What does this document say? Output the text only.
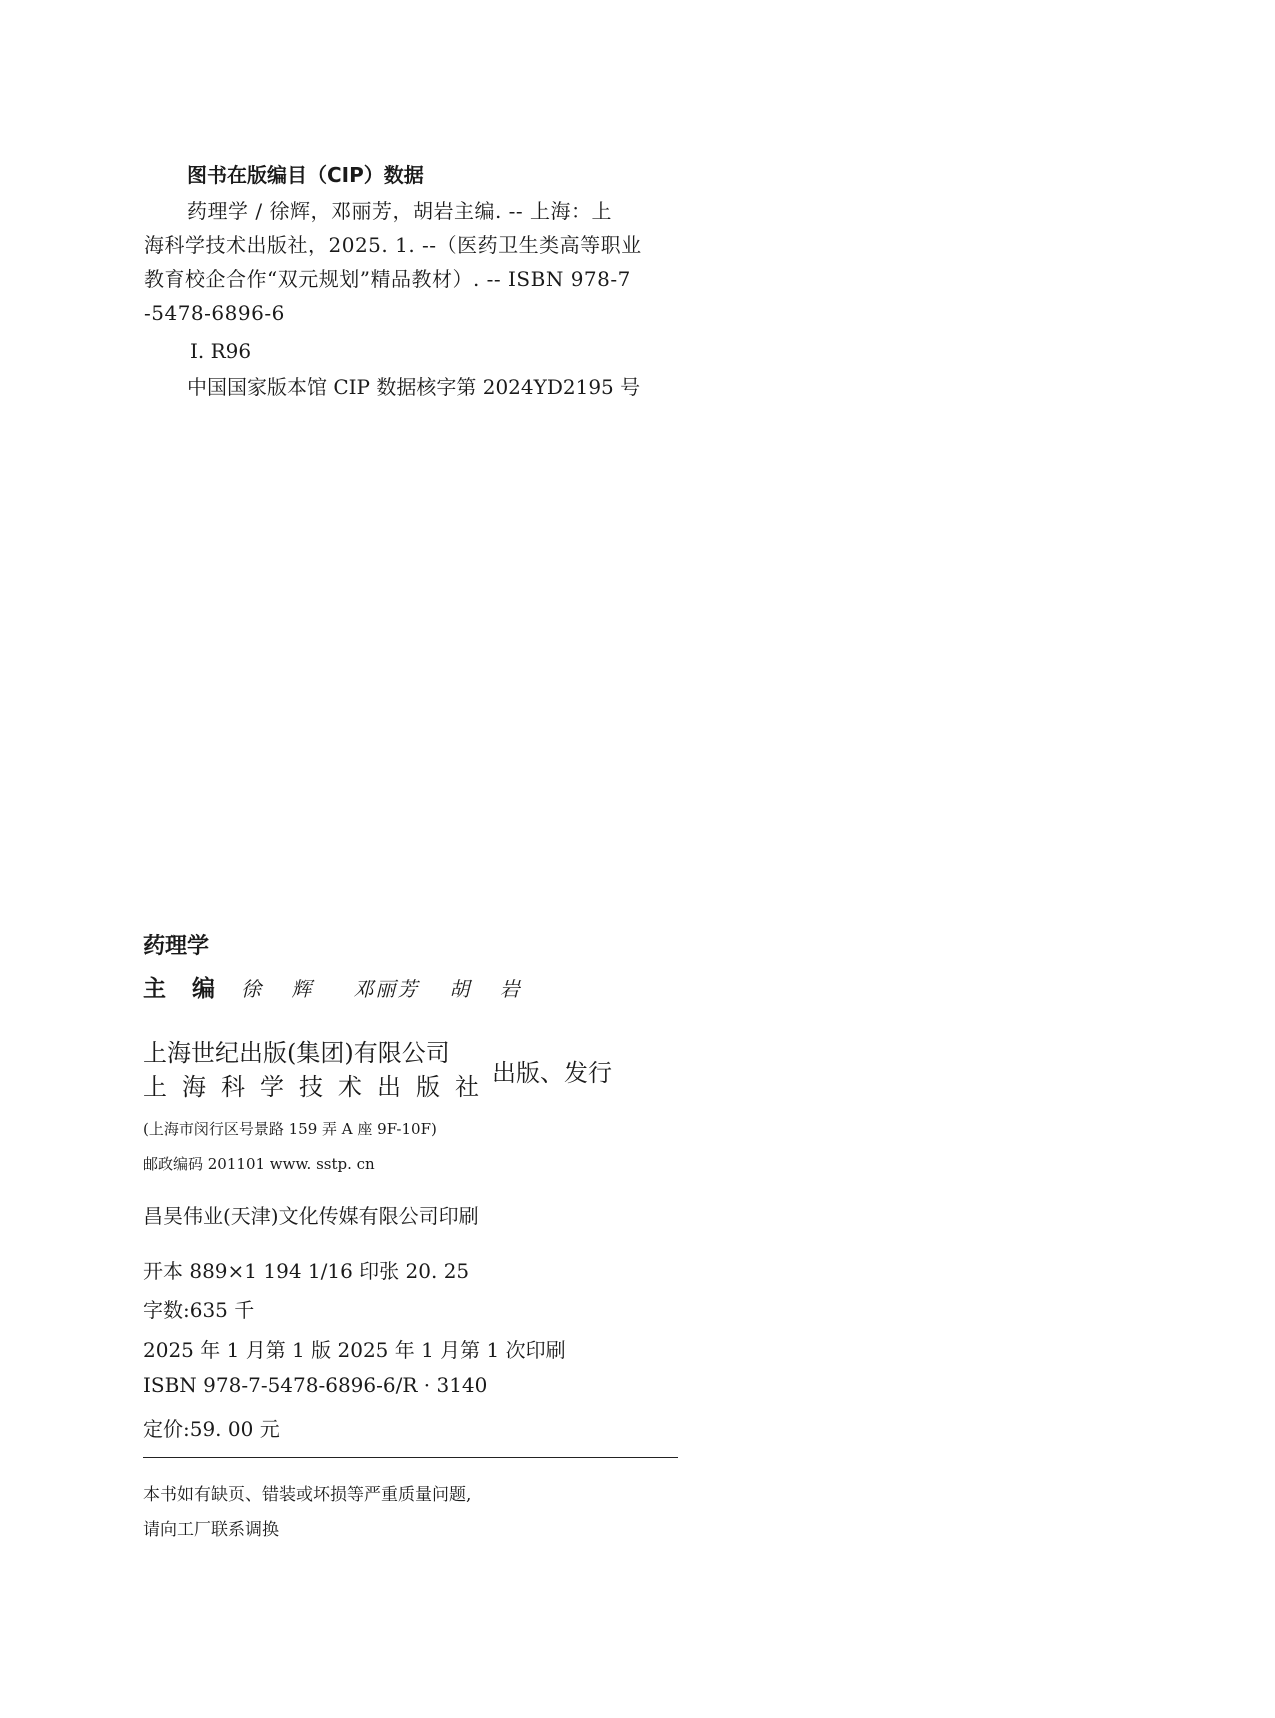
图书在版编目（CIP）数据
药理学 / 徐辉，邓丽芳，胡岩主编. -- 上海：上
海科学技术出版社，2025. 1. --（医药卫生类高等职业
教育校企合作“双元规划”精品教材）. -- ISBN 978-7
-5478-6896-6
Ⅰ. R96
中国国家版本馆 CIP 数据核字第 2024YD2195 号
药理学
主编 徐 辉 邓丽芳 胡 岩
上海世纪出版(集团)有限公司
上海科学技术出版社
出版、发行
(上海市闵行区号景路 159 弄 A 座 9F-10F)
邮政编码 201101 www. sstp. cn
昌昊伟业(天津)文化传媒有限公司印刷
开本 889×1 194 1/16 印张 20. 25
字数:635 千
2025 年 1 月第 1 版 2025 年 1 月第 1 次印刷
ISBN 978-7-5478-6896-6/R · 3140
定价:59. 00 元
本书如有缺页、错装或坏损等严重质量问题,
请向工厂联系调换
